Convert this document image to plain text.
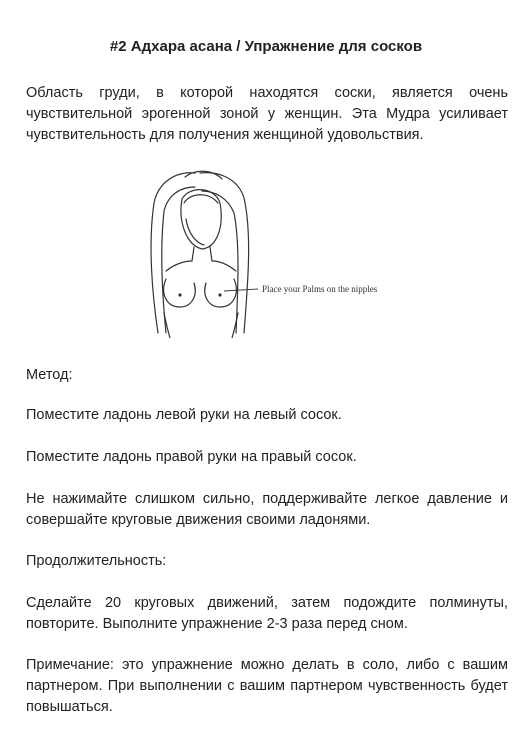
#2 Адхара асана / Упражнение для сосков

Область груди, в которой находятся соски, является очень чувствительной эрогенной зоной у женщин. Эта Мудра усиливает чувствительность для получения женщиной удовольствия.

Place your Palms on the nipples

Метод:

Поместите ладонь левой руки на левый сосок.

Поместите ладонь правой руки на правый сосок.

Не нажимайте слишком сильно, поддерживайте легкое давление и совершайте круговые движения своими ладонями.

Продолжительность:

Сделайте 20 круговых движений, затем подождите полминуты, повторите. Выполните упражнение 2-3 раза перед сном.

Примечание: это упражнение можно делать в соло, либо с вашим партнером. При выполнении с вашим партнером чувственность будет повышаться.
